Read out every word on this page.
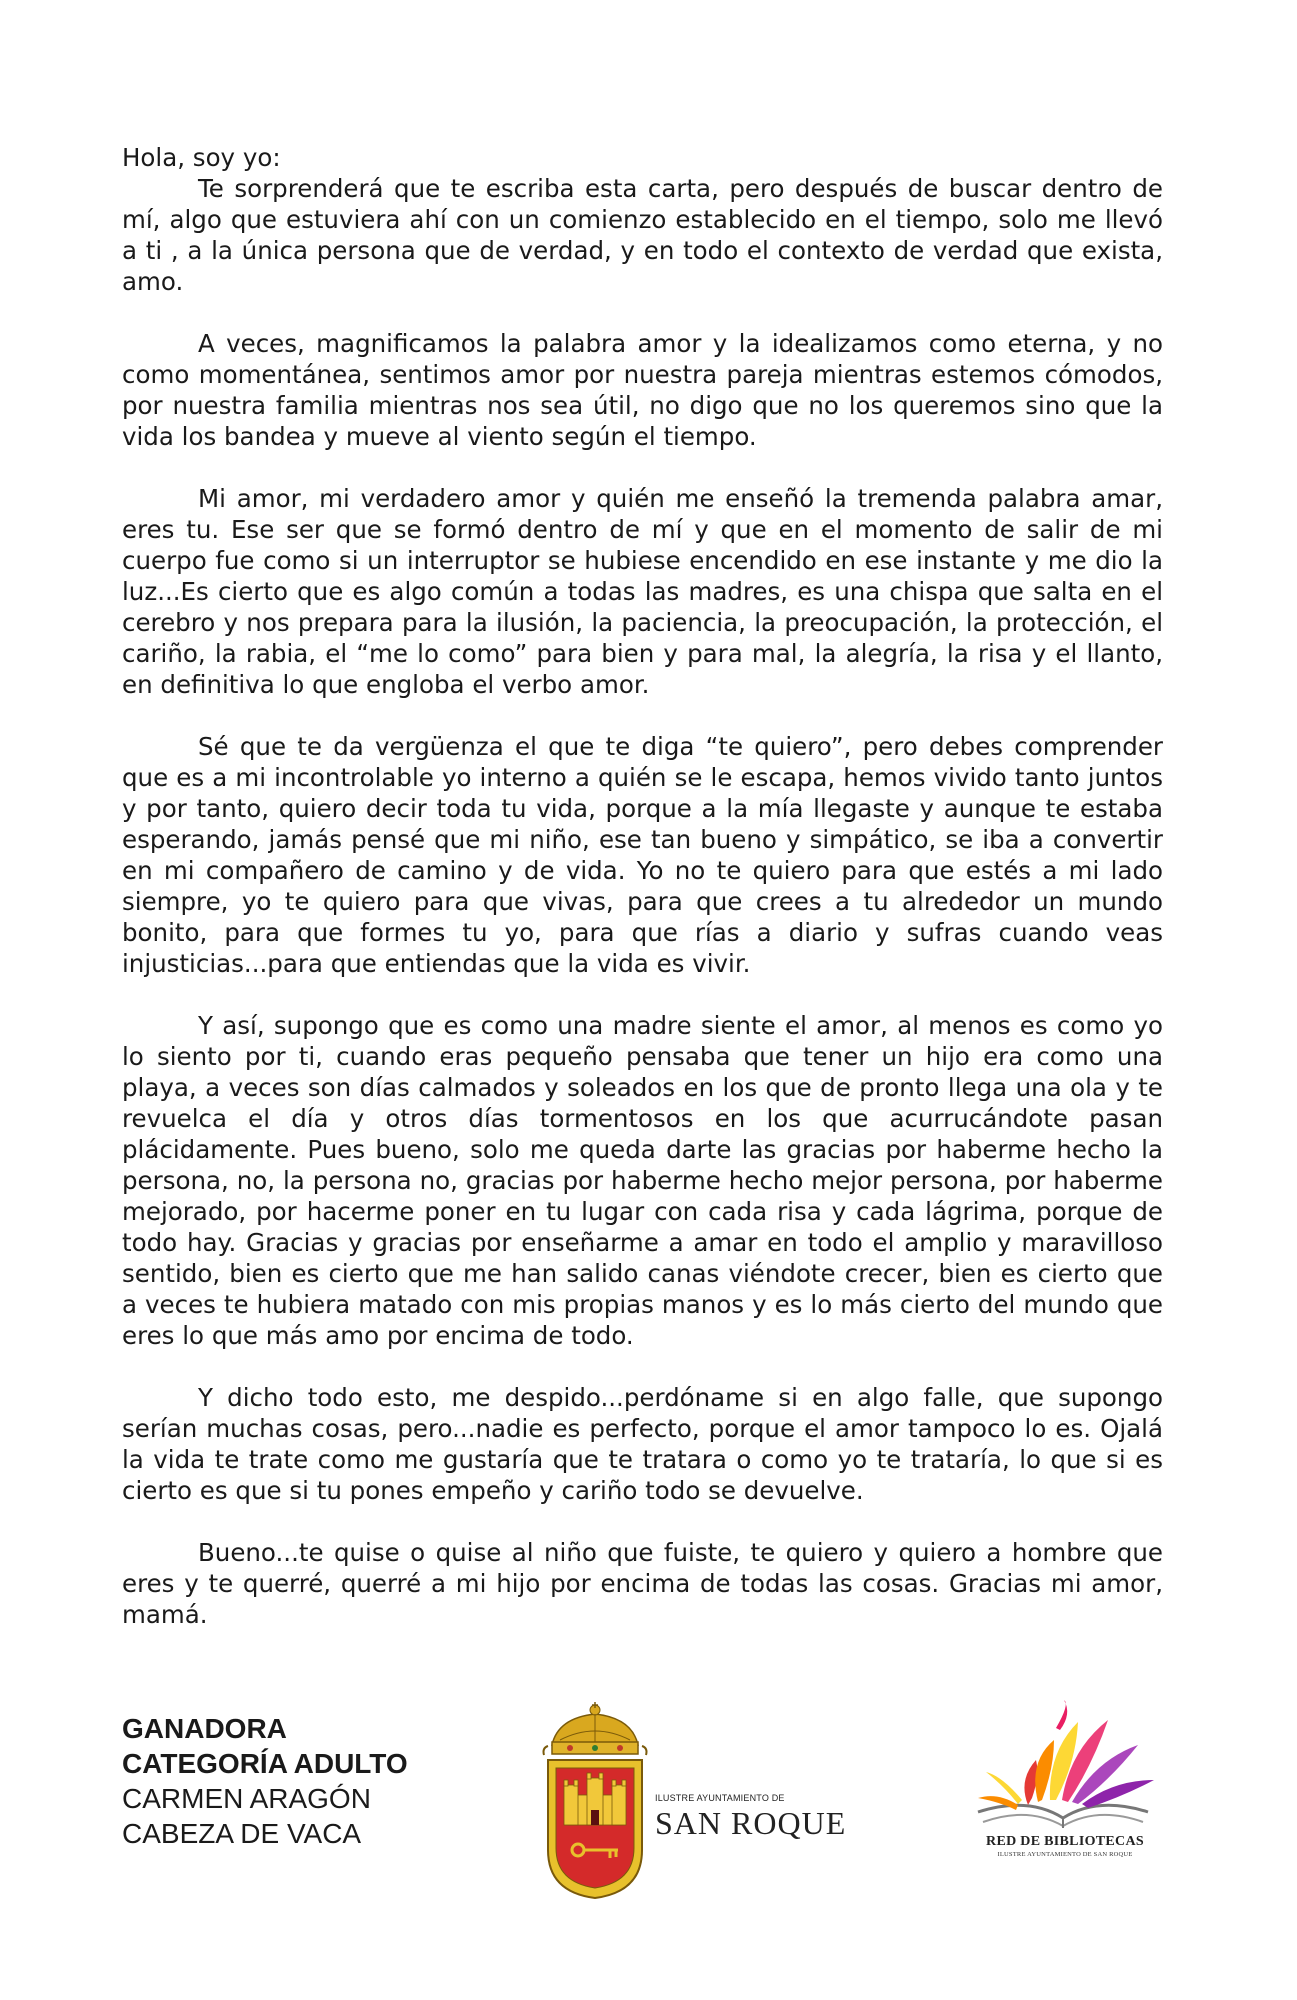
Hola, soy yo:

Te sorprenderá que te escriba esta carta, pero después de buscar dentro de mí, algo que estuviera ahí con un comienzo establecido en el tiempo, solo me llevó a ti , a la única persona que de verdad, y en todo el contexto de verdad que exista, amo.

A veces, magnificamos la palabra amor y la idealizamos como eterna, y no como momentánea, sentimos amor por nuestra pareja mientras estemos cómodos, por nuestra familia mientras nos sea útil, no digo que no los queremos sino que la vida los bandea y mueve al viento según el tiempo.

Mi amor, mi verdadero amor y quién me enseñó la tremenda palabra amar, eres tu. Ese ser que se formó dentro de mí y que en el momento de salir de mi cuerpo fue como si un interruptor se hubiese encendido en ese instante y me dio la luz...Es cierto que es algo común a todas las madres, es una chispa que salta en el cerebro y nos prepara para la ilusión, la paciencia, la preocupación, la protección, el cariño, la rabia, el “me lo como” para bien y para mal, la alegría, la risa y el llanto, en definitiva lo que engloba el verbo amor.

Sé que te da vergüenza el que te diga “te quiero”, pero debes comprender que es a mi incontrolable yo interno a quién se le escapa, hemos vivido tanto juntos y por tanto, quiero decir toda tu vida, porque a la mía llegaste y aunque te estaba esperando, jamás pensé que mi niño, ese tan bueno y simpático, se iba a convertir en mi compañero de camino y de vida. Yo no te quiero para que estés a mi lado siempre, yo te quiero para que vivas, para que crees a tu alrededor un mundo bonito, para que formes tu yo, para que rías a diario y sufras cuando veas injusticias...para que entiendas que la vida es vivir.

Y así, supongo que es como una madre siente el amor, al menos es como yo lo siento por ti, cuando eras pequeño pensaba que tener un hijo era como una playa, a veces son días calmados y soleados en los que de pronto llega una ola y te revuelca el día y otros días tormentosos en los que acurrucándote pasan plácidamente. Pues bueno, solo me queda darte las gracias por haberme hecho la persona, no, la persona no, gracias por haberme hecho mejor persona, por haberme mejorado, por hacerme poner en tu lugar con cada risa y cada lágrima, porque de todo hay. Gracias y gracias por enseñarme a amar en todo el amplio y maravilloso sentido, bien es cierto que me han salido canas viéndote crecer, bien es cierto que a veces te hubiera matado con mis propias manos y es lo más cierto del mundo que eres lo que más amo por encima de todo.

Y dicho todo esto, me despido...perdóname si en algo falle, que supongo serían muchas cosas, pero...nadie es perfecto, porque el amor tampoco lo es. Ojalá la vida te trate como me gustaría que te tratara o como yo te trataría, lo que si es cierto es que si tu pones empeño y cariño todo se devuelve.

Bueno...te quise o quise al niño que fuiste, te quiero y quiero a hombre que eres y te querré, querré a mi hijo por encima de todas las cosas. Gracias mi amor, mamá.

GANADORA
CATEGORÍA ADULTO
CARMEN ARAGÓN
CABEZA DE VACA
ILUSTRE AYUNTAMIENTO DE
SAN ROQUE
RED DE BIBLIOTECAS
ILUSTRE AYUNTAMIENTO DE SAN ROQUE
